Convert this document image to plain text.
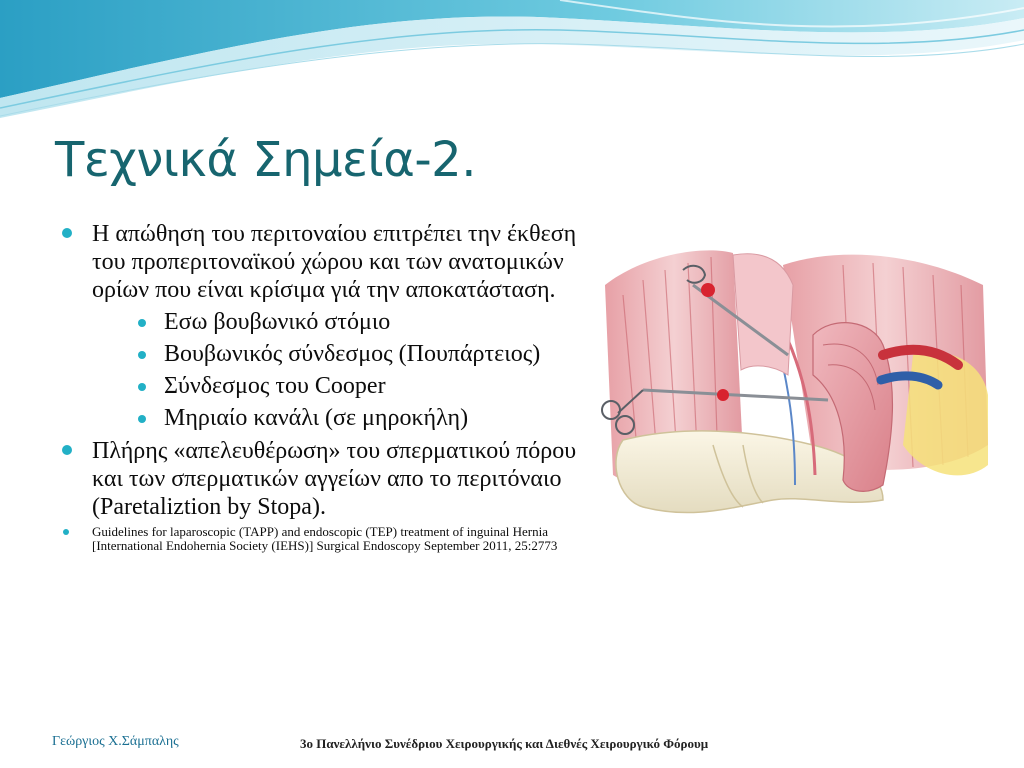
Τεχνικά Σημεία-2.
Η απώθηση του περιτοναίου επιτρέπει την έκθεση του προπεριτοναϊκού χώρου και των ανατομικών ορίων που είναι κρίσιμα γιά την αποκατάσταση.
Εσω βουβωνικό στόμιο
Βουβωνικός σύνδεσμος (Πουπάρτειος)
Σύνδεσμος του Cooper
Μηριαίο κανάλι (σε μηροκήλη)
Πλήρης «απελευθέρωση» του σπερματικού πόρου και των σπερματικών αγγείων απο το περιτόναιο (Paretaliztion by Stopa).
Guidelines for laparoscopic (TAPP) and endoscopic (TEP) treatment of inguinal Hernia [International Endohernia Society (IEHS)] Surgical Endoscopy September 2011, 25:2773
Γεώργιος Χ.Σάμπαλης	3ο Πανελλήνιο Συνέδριου Χειρουργικής και Διεθνές Χειρουργικό Φόρουμ
